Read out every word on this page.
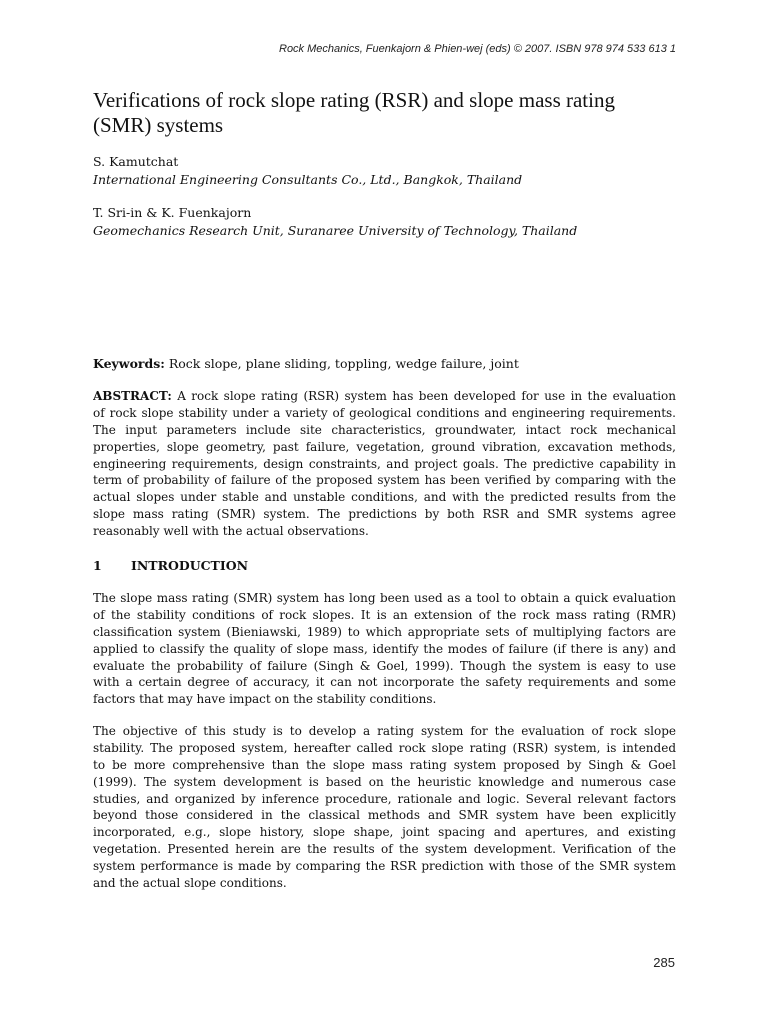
Rock Mechanics, Fuenkajorn & Phien-wej (eds) © 2007. ISBN 978 974 533 613 1
Verifications of rock slope rating (RSR) and slope mass rating
(SMR) systems
S. Kamutchat
International Engineering Consultants Co., Ltd., Bangkok, Thailand
T. Sri-in & K. Fuenkajorn
Geomechanics Research Unit, Suranaree University of Technology, Thailand
Keywords: Rock slope, plane sliding, toppling, wedge failure, joint
ABSTRACT: A rock slope rating (RSR) system has been developed for use in the evaluation
of rock slope stability under a variety of geological conditions and engineering requirements.
The input parameters include site characteristics, groundwater, intact rock mechanical
properties, slope geometry, past failure, vegetation, ground vibration, excavation methods,
engineering requirements, design constraints, and project goals. The predictive capability in
term of probability of failure of the proposed system has been verified by comparing with the
actual slopes under stable and unstable conditions, and with the predicted results from the
slope mass rating (SMR) system. The predictions by both RSR and SMR systems agree
reasonably well with the actual observations.
1 INTRODUCTION
The slope mass rating (SMR) system has long been used as a tool to obtain a quick evaluation
of the stability conditions of rock slopes. It is an extension of the rock mass rating (RMR)
classification system (Bieniawski, 1989) to which appropriate sets of multiplying factors are
applied to classify the quality of slope mass, identify the modes of failure (if there is any) and
evaluate the probability of failure (Singh & Goel, 1999). Though the system is easy to use
with a certain degree of accuracy, it can not incorporate the safety requirements and some
factors that may have impact on the stability conditions.
The objective of this study is to develop a rating system for the evaluation of rock slope
stability. The proposed system, hereafter called rock slope rating (RSR) system, is intended
to be more comprehensive than the slope mass rating system proposed by Singh & Goel
(1999). The system development is based on the heuristic knowledge and numerous case
studies, and organized by inference procedure, rationale and logic. Several relevant factors
beyond those considered in the classical methods and SMR system have been explicitly
incorporated, e.g., slope history, slope shape, joint spacing and apertures, and existing
vegetation. Presented herein are the results of the system development. Verification of the
system performance is made by comparing the RSR prediction with those of the SMR system
and the actual slope conditions.
285
